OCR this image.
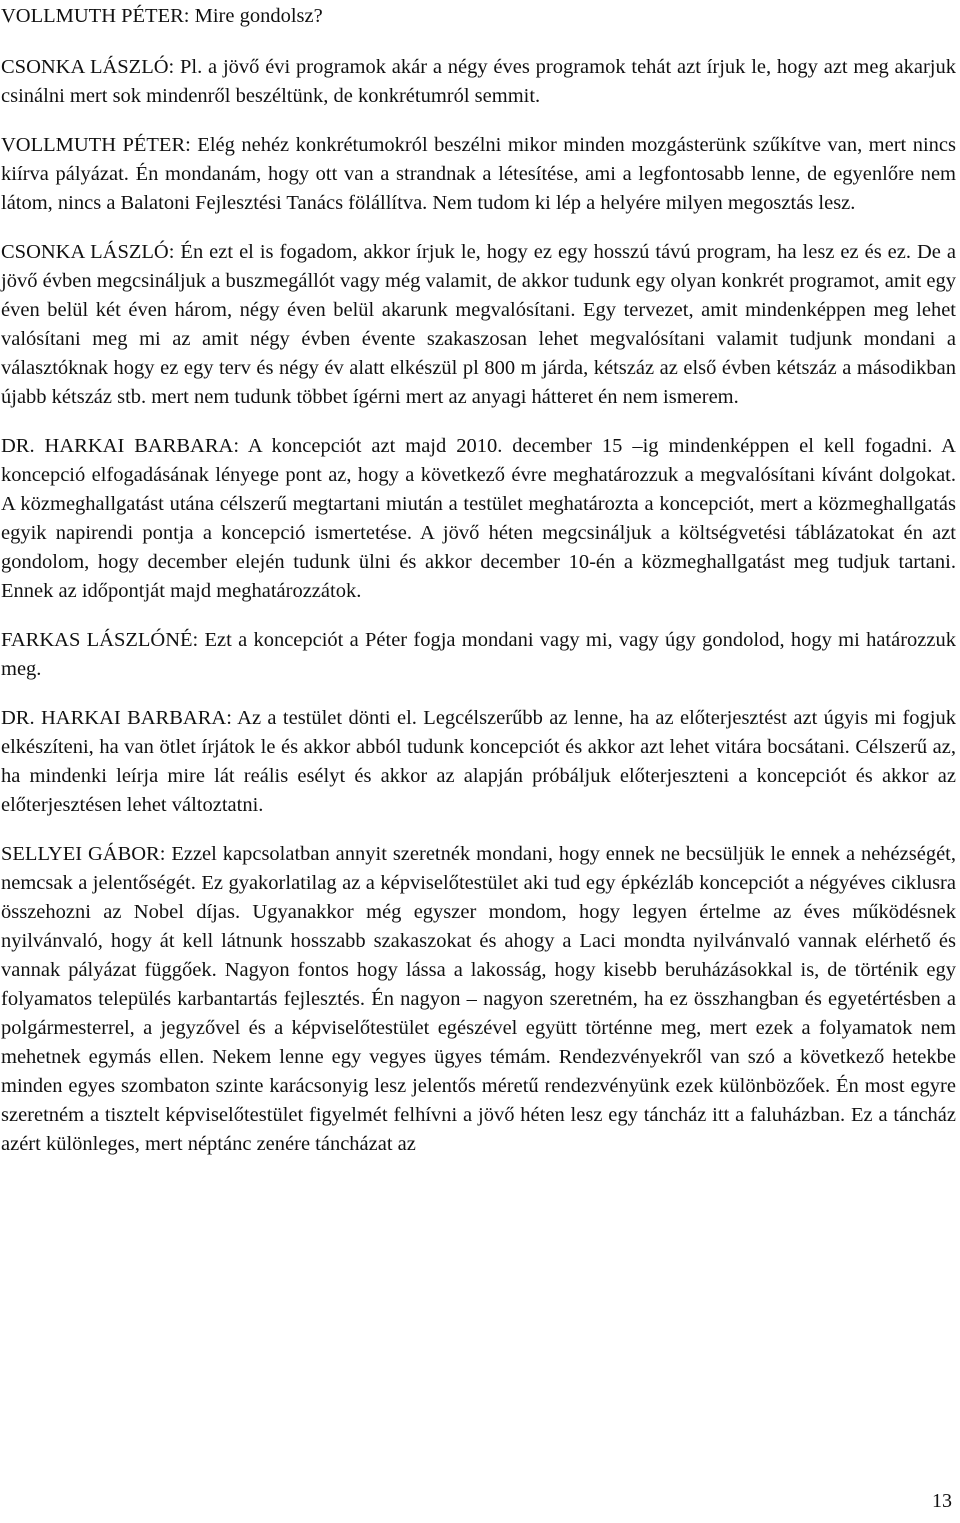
VOLLMUTH PÉTER: Mire gondolsz?

CSONKA LÁSZLÓ: Pl. a jövő évi programok akár a négy éves programok tehát azt írjuk le, hogy azt meg akarjuk csinálni mert sok mindenről beszéltünk, de konkrétumról semmit.

VOLLMUTH PÉTER: Elég nehéz konkrétumokról beszélni mikor minden mozgásterünk szűkítve van, mert nincs kiírva pályázat. Én mondanám, hogy ott van a strandnak a létesítése, ami a legfontosabb lenne, de egyenlőre nem látom, nincs a Balatoni Fejlesztési Tanács fölállítva. Nem tudom ki lép a helyére milyen megosztás lesz.

CSONKA LÁSZLÓ: Én ezt el is fogadom, akkor írjuk le, hogy ez egy hosszú távú program, ha lesz ez és ez. De a jövő évben megcsináljuk a buszmegállót vagy még valamit, de akkor tudunk egy olyan konkrét programot, amit egy éven belül két éven három, négy éven belül akarunk megvalósítani. Egy tervezet, amit mindenképpen meg lehet valósítani meg mi az amit négy évben évente szakaszosan lehet megvalósítani valamit tudjunk mondani a választóknak hogy ez egy terv és négy év alatt elkészül pl 800 m járda, kétszáz az első évben kétszáz a másodikban újabb kétszáz stb. mert nem tudunk többet ígérni mert az anyagi hátteret én nem ismerem.

DR. HARKAI BARBARA: A koncepciót azt majd 2010. december 15 –ig mindenképpen el kell fogadni. A koncepció elfogadásának lényege pont az, hogy a következő évre meghatározzuk a megvalósítani kívánt dolgokat. A közmeghallgatást utána célszerű megtartani miután a testület meghatározta a koncepciót, mert a közmeghallgatás egyik napirendi pontja a koncepció ismertetése. A jövő héten megcsináljuk a költségvetési táblázatokat én azt gondolom, hogy december elején tudunk ülni és akkor december 10-én a közmeghallgatást meg tudjuk tartani. Ennek az időpontját majd meghatározzátok.

FARKAS LÁSZLÓNÉ: Ezt a koncepciót a Péter fogja mondani vagy mi, vagy úgy gondolod, hogy mi határozzuk meg.

DR. HARKAI BARBARA: Az a testület dönti el. Legcélszerűbb az lenne, ha az előterjesztést azt úgyis mi fogjuk elkészíteni, ha van ötlet írjátok le és akkor abból tudunk koncepciót és akkor azt lehet vitára bocsátani. Célszerű az, ha mindenki leírja mire lát reális esélyt és akkor az alapján próbáljuk előterjeszteni a koncepciót és akkor az előterjesztésen lehet változtatni.

SELLYEI GÁBOR: Ezzel kapcsolatban annyit szeretnék mondani, hogy ennek ne becsüljük le ennek a nehézségét, nemcsak a jelentőségét. Ez gyakorlatilag az a képviselőtestület aki tud egy épkézláb koncepciót a négyéves ciklusra összehozni az Nobel díjas. Ugyanakkor még egyszer mondom, hogy legyen értelme az éves működésnek nyilvánvaló, hogy át kell látnunk hosszabb szakaszokat és ahogy a Laci mondta nyilvánvaló vannak elérhető és vannak pályázat függőek. Nagyon fontos hogy lássa a lakosság, hogy kisebb beruházásokkal is, de történik egy folyamatos település karbantartás fejlesztés. Én nagyon – nagyon szeretném, ha ez összhangban és egyetértésben a polgármesterrel, a jegyzővel és a képviselőtestület egészével együtt történne meg, mert ezek a folyamatok nem mehetnek egymás ellen. Nekem lenne egy vegyes ügyes témám. Rendezvényekről van szó a következő hetekbe minden egyes szombaton szinte karácsonyig lesz jelentős méretű rendezvényünk ezek különbözőek. Én most egyre szeretném a tisztelt képviselőtestület figyelmét felhívni a jövő héten lesz egy táncház itt a faluházban. Ez a táncház azért különleges, mert néptánc zenére táncházat az

13
